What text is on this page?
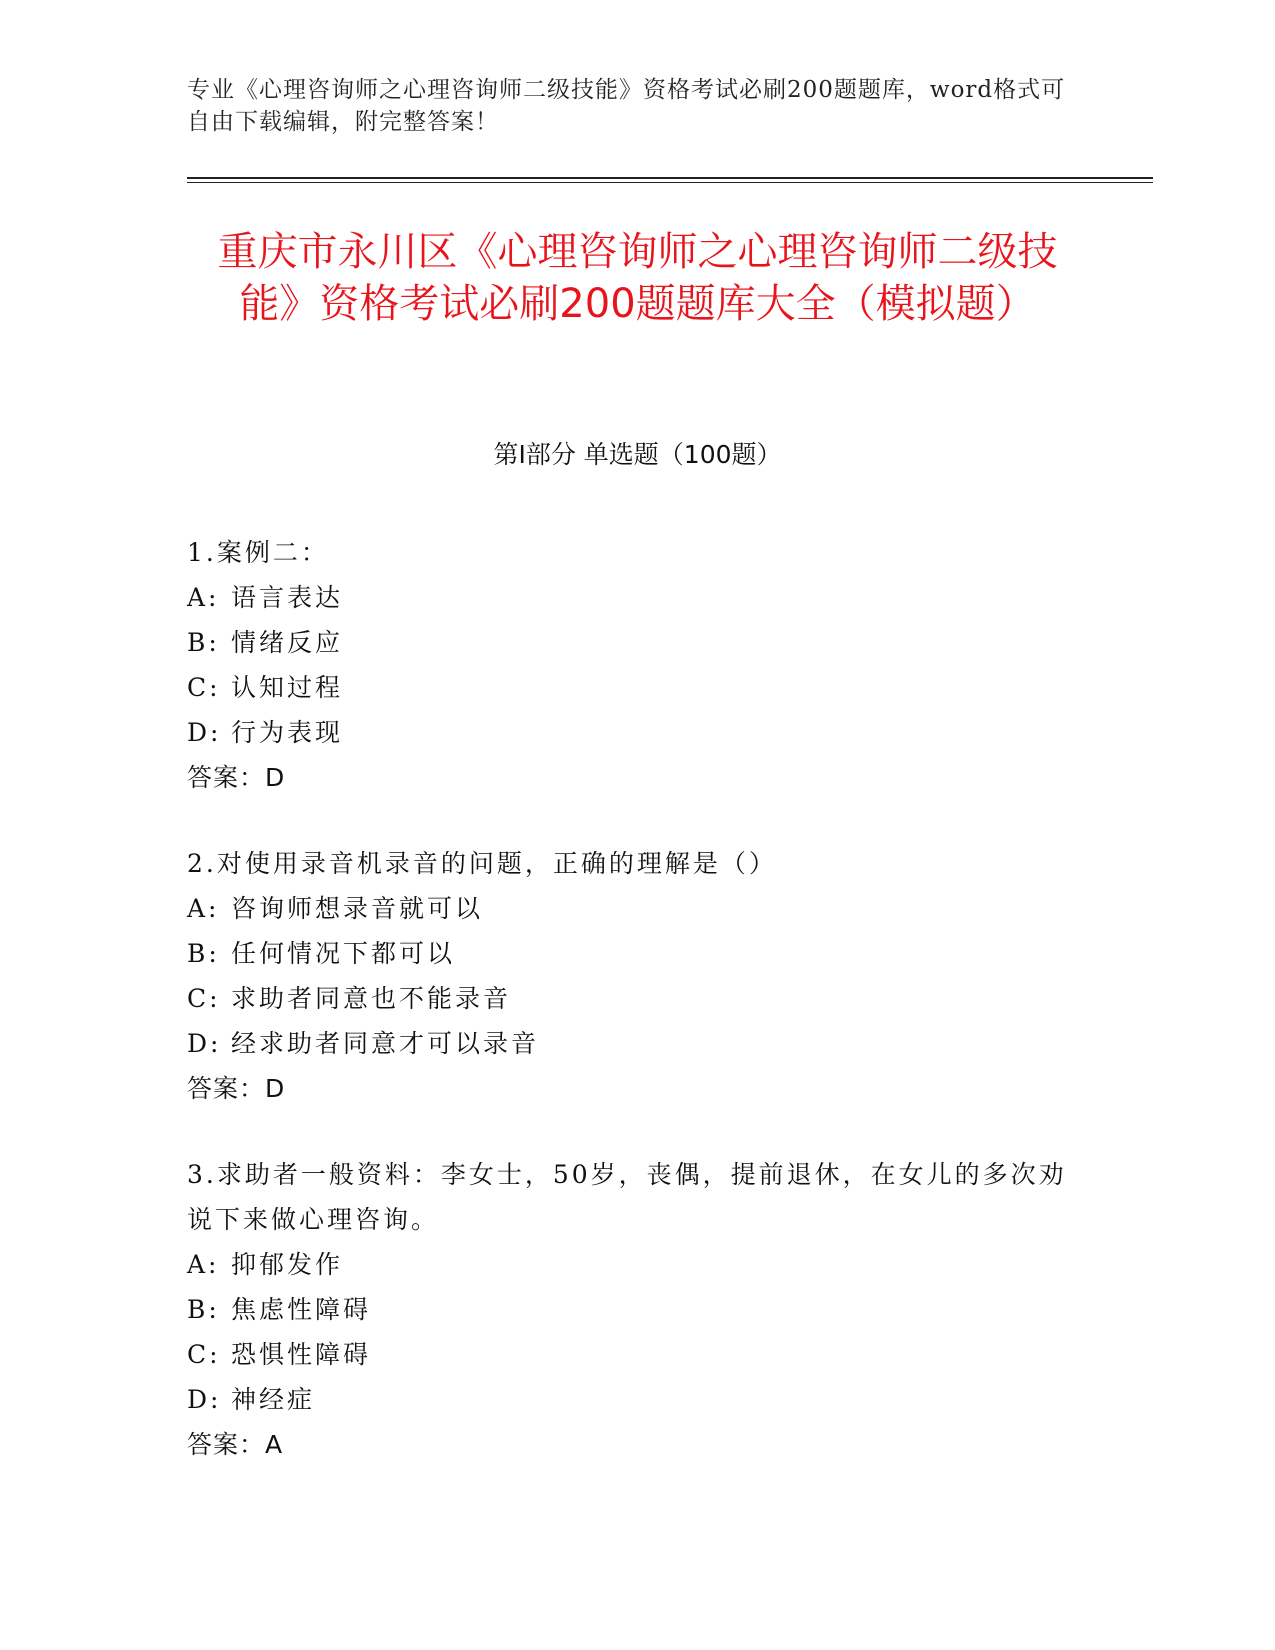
专业《心理咨询师之心理咨询师二级技能》资格考试必刷200题题库，word格式可自由下载编辑，附完整答案！
重庆市永川区《心理咨询师之心理咨询师二级技能》资格考试必刷200题题库大全（模拟题）
第Ⅰ部分 单选题（100题）
1.案例二：
A: 语言表达
B: 情绪反应
C: 认知过程
D: 行为表现
答案：D
2.对使用录音机录音的问题，正确的理解是（）
A: 咨询师想录音就可以
B: 任何情况下都可以
C: 求助者同意也不能录音
D: 经求助者同意才可以录音
答案：D
3.求助者一般资料：李女士，50岁，丧偶，提前退休，在女儿的多次劝说下来做心理咨询。
A: 抑郁发作
B: 焦虑性障碍
C: 恐惧性障碍
D: 神经症
答案：A
